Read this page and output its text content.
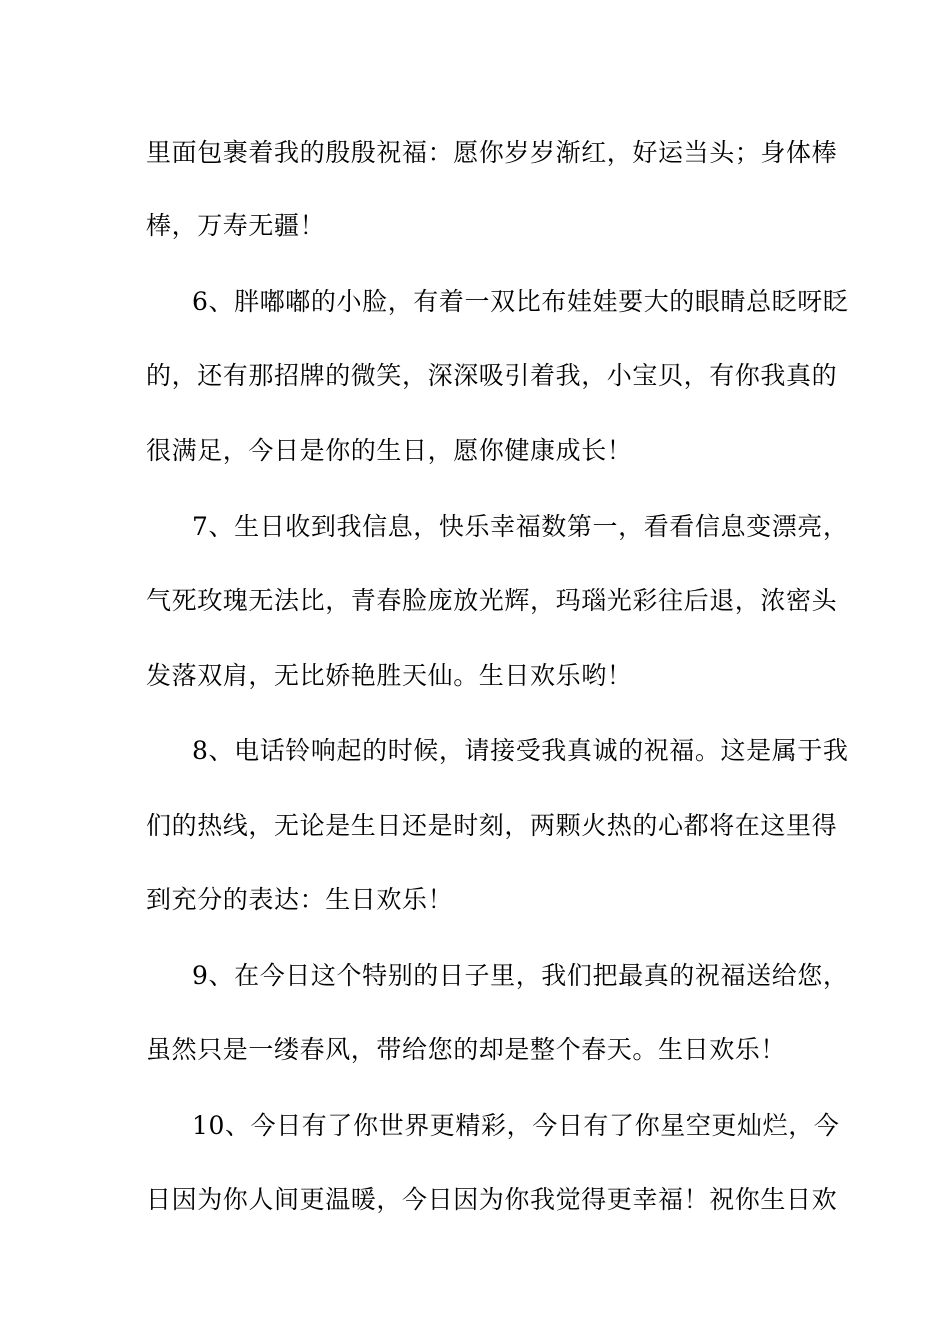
里面包裹着我的殷殷祝福：愿你岁岁渐红，好运当头；身体棒
棒，万寿无疆！
6、胖嘟嘟的小脸，有着一双比布娃娃要大的眼睛总眨呀眨
的，还有那招牌的微笑，深深吸引着我，小宝贝，有你我真的
很满足，今日是你的生日，愿你健康成长！
7、生日收到我信息，快乐幸福数第一，看看信息变漂亮，
气死玫瑰无法比，青春脸庞放光辉，玛瑙光彩往后退，浓密头
发落双肩，无比娇艳胜天仙。生日欢乐哟！
8、电话铃响起的时候，请接受我真诚的祝福。这是属于我
们的热线，无论是生日还是时刻，两颗火热的心都将在这里得
到充分的表达：生日欢乐！
9、在今日这个特别的日子里，我们把最真的祝福送给您，
虽然只是一缕春风，带给您的却是整个春天。生日欢乐！
10、今日有了你世界更精彩，今日有了你星空更灿烂，今
日因为你人间更温暖，今日因为你我觉得更幸福！祝你生日欢
